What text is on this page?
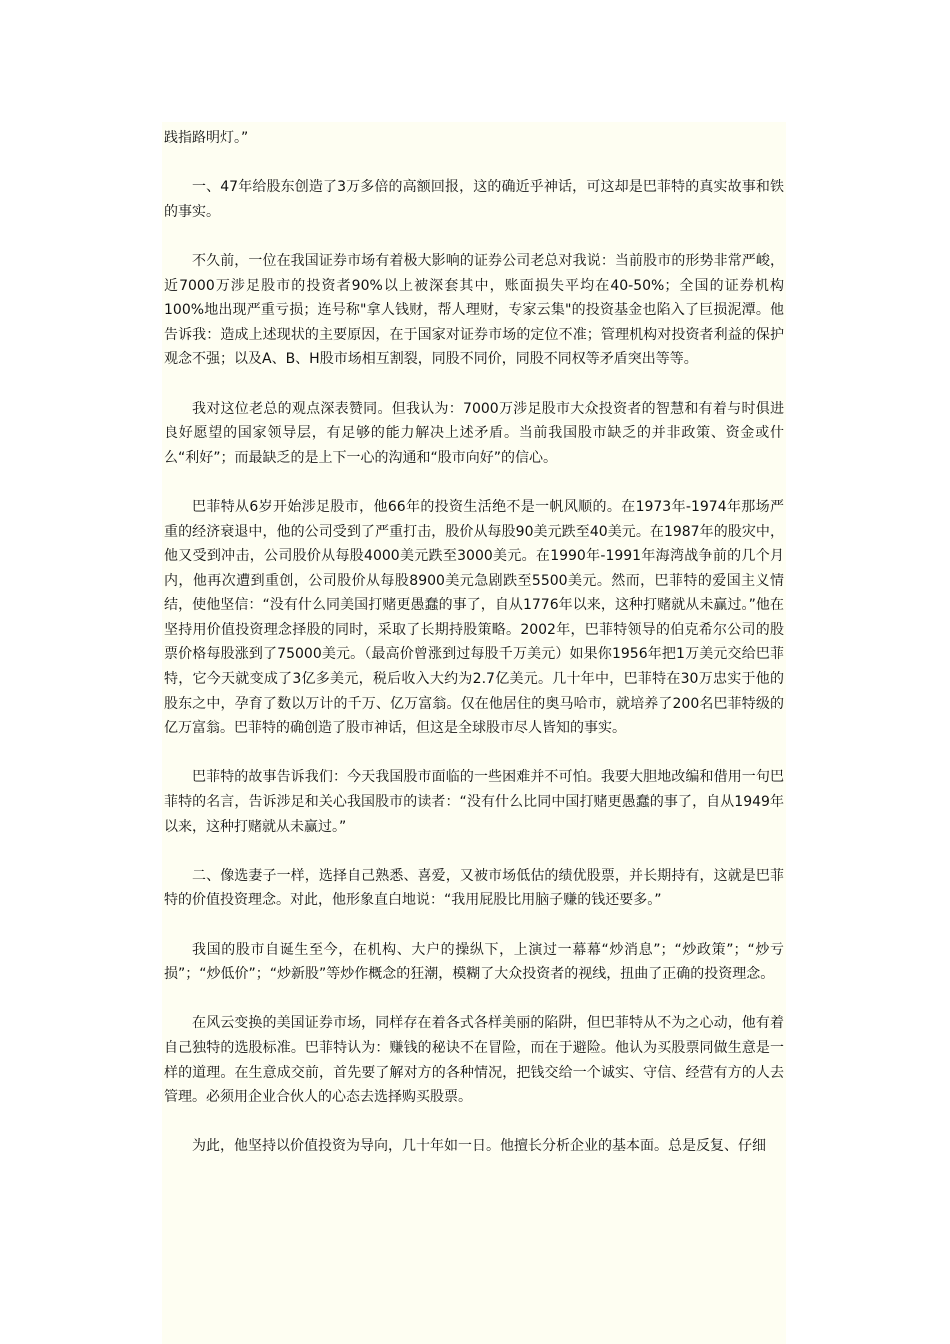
践指路明灯。”

一、47年给股东创造了3万多倍的高额回报，这的确近乎神话，可这却是巴菲特的真实故事和铁的事实。

不久前，一位在我国证券市场有着极大影响的证券公司老总对我说：当前股市的形势非常严峻，近7000万涉足股市的投资者90%以上被深套其中，账面损失平均在40-50%；全国的证券机构100%地出现严重亏损；连号称"拿人钱财，帮人理财，专家云集"的投资基金也陷入了巨损泥潭。他告诉我：造成上述现状的主要原因，在于国家对证券市场的定位不准；管理机构对投资者利益的保护观念不强；以及A、B、H股市场相互割裂，同股不同价，同股不同权等矛盾突出等等。

我对这位老总的观点深表赞同。但我认为：7000万涉足股市大众投资者的智慧和有着与时俱进良好愿望的国家领导层，有足够的能力解决上述矛盾。当前我国股市缺乏的并非政策、资金或什么“利好”；而最缺乏的是上下一心的沟通和“股市向好”的信心。

巴菲特从6岁开始涉足股市，他66年的投资生活绝不是一帆风顺的。在1973年-1974年那场严重的经济衰退中，他的公司受到了严重打击，股价从每股90美元跌至40美元。在1987年的股灾中，他又受到冲击，公司股价从每股4000美元跌至3000美元。在1990年-1991年海湾战争前的几个月内，他再次遭到重创，公司股价从每股8900美元急剧跌至5500美元。然而，巴菲特的爱国主义情结，使他坚信：“没有什么同美国打赌更愚蠢的事了，自从1776年以来，这种打赌就从未赢过。”他在坚持用价值投资理念择股的同时，采取了长期持股策略。2002年，巴菲特领导的伯克希尔公司的股票价格每股涨到了75000美元。（最高价曾涨到过每股千万美元）如果你1956年把1万美元交给巴菲特，它今天就变成了3亿多美元，税后收入大约为2.7亿美元。几十年中，巴菲特在30万忠实于他的股东之中，孕育了数以万计的千万、亿万富翁。仅在他居住的奥马哈市，就培养了200名巴菲特级的亿万富翁。巴菲特的确创造了股市神话，但这是全球股市尽人皆知的事实。

巴菲特的故事告诉我们：今天我国股市面临的一些困难并不可怕。我要大胆地改编和借用一句巴菲特的名言，告诉涉足和关心我国股市的读者：“没有什么比同中国打赌更愚蠢的事了，自从1949年以来，这种打赌就从未赢过。”

二、像选妻子一样，选择自己熟悉、喜爱，又被市场低估的绩优股票，并长期持有，这就是巴菲特的价值投资理念。对此，他形象直白地说：“我用屁股比用脑子赚的钱还要多。”

我国的股市自诞生至今，在机构、大户的操纵下，上演过一幕幕“炒消息”；“炒政策”；“炒亏损”；“炒低价”；“炒新股”等炒作概念的狂潮，模糊了大众投资者的视线，扭曲了正确的投资理念。

在风云变换的美国证券市场，同样存在着各式各样美丽的陷阱，但巴菲特从不为之心动，他有着自己独特的选股标准。巴菲特认为：赚钱的秘诀不在冒险，而在于避险。他认为买股票同做生意是一样的道理。在生意成交前，首先要了解对方的各种情况，把钱交给一个诚实、守信、经营有方的人去管理。必须用企业合伙人的心态去选择购买股票。

为此，他坚持以价值投资为导向，几十年如一日。他擅长分析企业的基本面。总是反复、仔细
